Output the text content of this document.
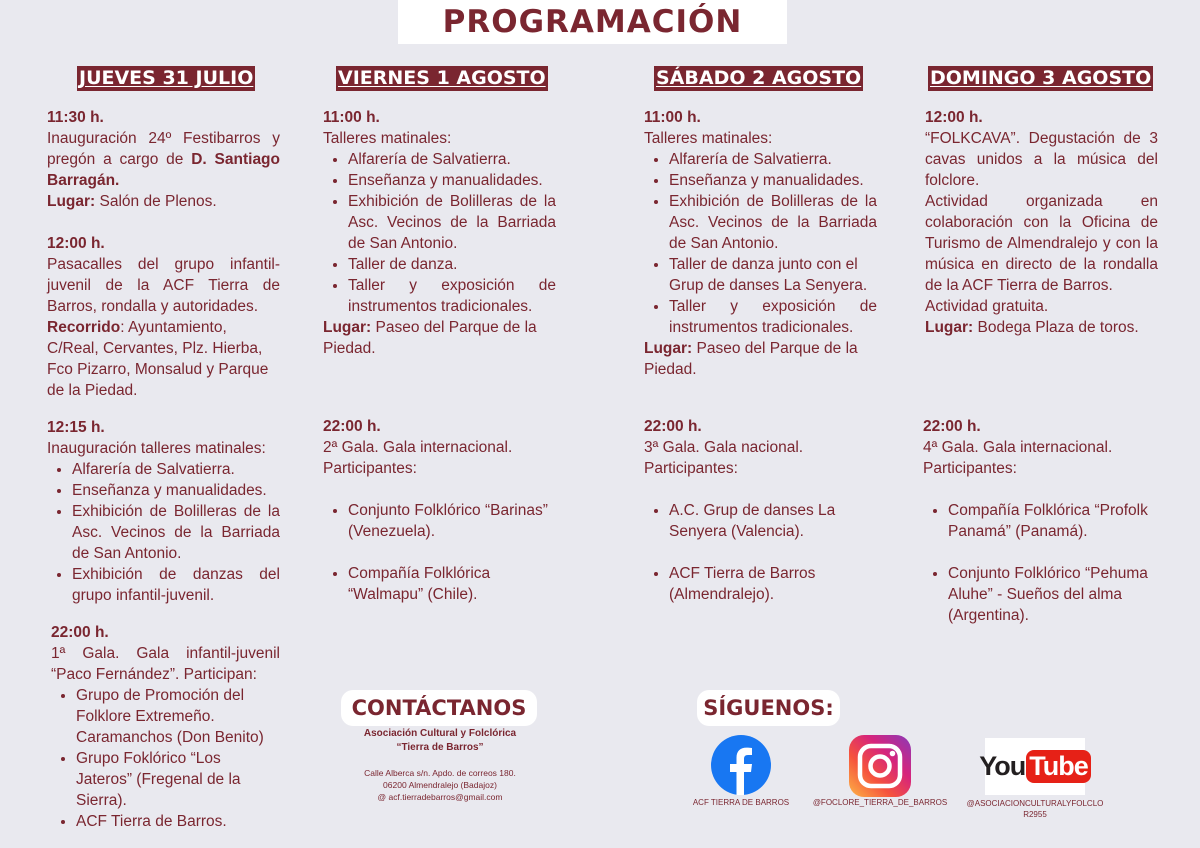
PROGRAMACIÓN
JUEVES 31 JULIO	VIERNES 1 AGOSTO	SÁBADO 2 AGOSTO	DOMINGO 3 AGOSTO

11:30 h.

Inauguración 24º Festibarros y pregón a cargo de D. Santiago Barragán.

Lugar: Salón de Plenos.

12:00 h.

Pasacalles del grupo infantil-juvenil de la ACF Tierra de Barros, rondalla y autoridades.

Recorrido: Ayuntamiento, C/Real, Cervantes, Plz. Hierba, Fco Pizarro, Monsalud y Parque de la Piedad.

12:15 h.

Inauguración talleres matinales:

• Alfarería de Salvatierra.
• Enseñanza y manualidades.
• Exhibición de Bolilleras de la Asc. Vecinos de la Barriada de San Antonio.
• Exhibición de danzas del grupo infantil-juvenil.

22:00 h.

1ª Gala. Gala infantil-juvenil “Paco Fernández”. Participan:

• Grupo de Promoción del Folklore Extremeño. Caramanchos (Don Benito)
• Grupo Foklórico “Los Jateros” (Fregenal de la Sierra).
• ACF Tierra de Barros.

11:00 h.

Talleres matinales:

• Alfarería de Salvatierra.
• Enseñanza y manualidades.
• Exhibición de Bolilleras de la Asc. Vecinos de la Barriada de San Antonio.
• Taller de danza.
• Taller y exposición de instrumentos tradicionales.

Lugar: Paseo del Parque de la Piedad.

22:00 h.

2ª Gala. Gala internacional.

Participantes:

• Conjunto Folklórico “Barinas” (Venezuela).
• Compañía Folklórica “Walmapu” (Chile).

11:00 h.

Talleres matinales:

• Alfarería de Salvatierra.
• Enseñanza y manualidades.
• Exhibición de Bolilleras de la Asc. Vecinos de la Barriada de San Antonio.
• Taller de danza junto con el Grup de danses La Senyera.
• Taller y exposición de instrumentos tradicionales.

Lugar: Paseo del Parque de la Piedad.

22:00 h.

3ª Gala. Gala nacional.

Participantes:

• A.C. Grup de danses La Senyera (Valencia).
• ACF Tierra de Barros (Almendralejo).

12:00 h.

“FOLKCAVA”. Degustación de 3 cavas unidos a la música del folclore.

Actividad organizada en colaboración con la Oficina de Turismo de Almendralejo y con la música en directo de la rondalla de la ACF Tierra de Barros.

Actividad gratuita.

Lugar: Bodega Plaza de toros.

22:00 h.

4ª Gala. Gala internacional.

Participantes:

• Compañía Folklórica “Profolk Panamá” (Panamá).
• Conjunto Folklórico “Pehuma Aluhe” - Sueños del alma (Argentina).
CONTÁCTANOS
Asociación Cultural y Folclórica
“Tierra de Barros”
Calle Alberca s/n. Apdo. de correos 180.
06200 Almendralejo (Badajoz)
@ acf.tierradebarros@gmail.com
SÍGUENOS:
ACF TIERRA DE BARROS	@FOCLORE_TIERRA_DE_BARROS
You Tube
@ASOCIACIONCULTURALYFOLCLO
R2955
